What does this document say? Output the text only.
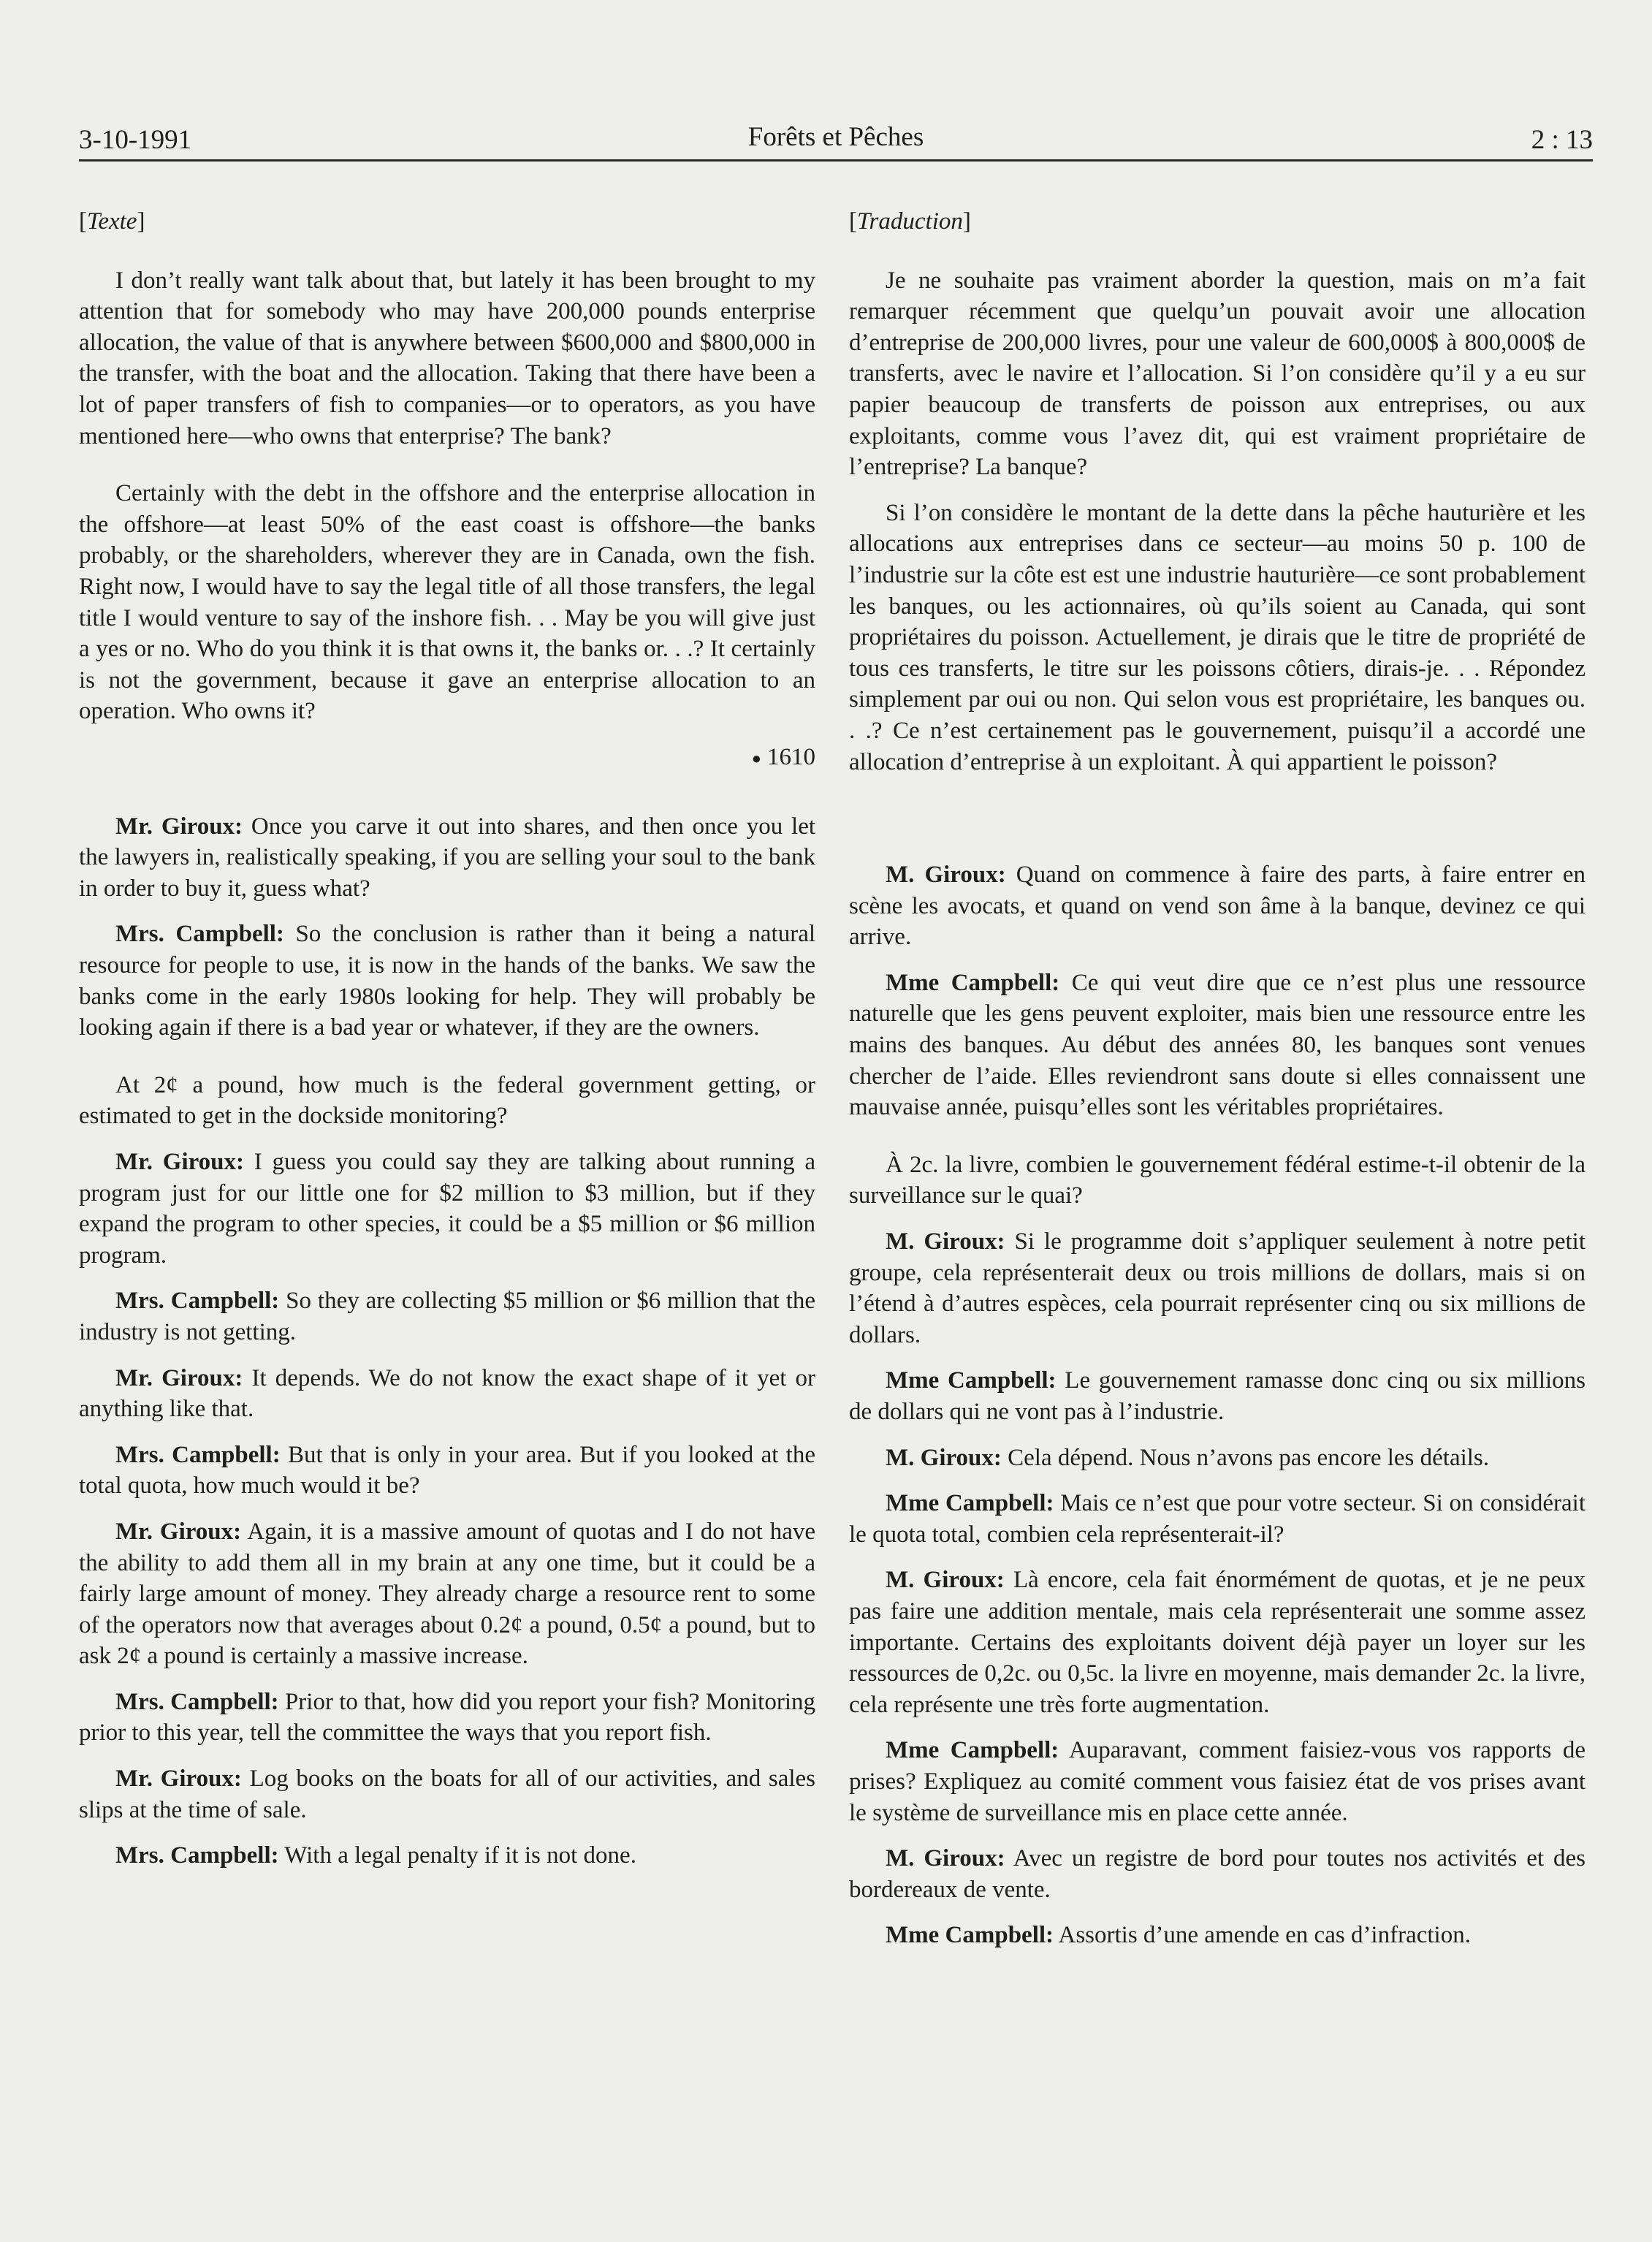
3-10-1991	Forêts et Pêches	2 : 13
[Texte]

I don’t really want talk about that, but lately it has been brought to my attention that for somebody who may have 200,000 pounds enterprise allocation, the value of that is anywhere between $600,000 and $800,000 in the transfer, with the boat and the allocation. Taking that there have been a lot of paper transfers of fish to companies—or to operators, as you have mentioned here—who owns that enterprise? The bank?

Certainly with the debt in the offshore and the enterprise allocation in the offshore—at least 50% of the east coast is offshore—the banks probably, or the shareholders, wherever they are in Canada, own the fish. Right now, I would have to say the legal title of all those transfers, the legal title I would venture to say of the inshore fish. . . May be you will give just a yes or no. Who do you think it is that owns it, the banks or. . .? It certainly is not the government, because it gave an enterprise allocation to an operation. Who owns it?

● 1610

Mr. Giroux: Once you carve it out into shares, and then once you let the lawyers in, realistically speaking, if you are selling your soul to the bank in order to buy it, guess what?

Mrs. Campbell: So the conclusion is rather than it being a natural resource for people to use, it is now in the hands of the banks. We saw the banks come in the early 1980s looking for help. They will probably be looking again if there is a bad year or whatever, if they are the owners.

At 2¢ a pound, how much is the federal government getting, or estimated to get in the dockside monitoring?

Mr. Giroux: I guess you could say they are talking about running a program just for our little one for $2 million to $3 million, but if they expand the program to other species, it could be a $5 million or $6 million program.

Mrs. Campbell: So they are collecting $5 million or $6 million that the industry is not getting.

Mr. Giroux: It depends. We do not know the exact shape of it yet or anything like that.

Mrs. Campbell: But that is only in your area. But if you looked at the total quota, how much would it be?

Mr. Giroux: Again, it is a massive amount of quotas and I do not have the ability to add them all in my brain at any one time, but it could be a fairly large amount of money. They already charge a resource rent to some of the operators now that averages about 0.2¢ a pound, 0.5¢ a pound, but to ask 2¢ a pound is certainly a massive increase.

Mrs. Campbell: Prior to that, how did you report your fish? Monitoring prior to this year, tell the committee the ways that you report fish.

Mr. Giroux: Log books on the boats for all of our activities, and sales slips at the time of sale.

Mrs. Campbell: With a legal penalty if it is not done.

[Traduction]

Je ne souhaite pas vraiment aborder la question, mais on m’a fait remarquer récemment que quelqu’un pouvait avoir une allocation d’entreprise de 200,000 livres, pour une valeur de 600,000$ à 800,000$ de transferts, avec le navire et l’allocation. Si l’on considère qu’il y a eu sur papier beaucoup de transferts de poisson aux entreprises, ou aux exploitants, comme vous l’avez dit, qui est vraiment propriétaire de l’entreprise? La banque?

Si l’on considère le montant de la dette dans la pêche hauturière et les allocations aux entreprises dans ce secteur—au moins 50 p. 100 de l’industrie sur la côte est est une industrie hauturière—ce sont probablement les banques, ou les actionnaires, où qu’ils soient au Canada, qui sont propriétaires du poisson. Actuellement, je dirais que le titre de propriété de tous ces transferts, le titre sur les poissons côtiers, dirais-je. . . Répondez simplement par oui ou non. Qui selon vous est propriétaire, les banques ou. . .? Ce n’est certainement pas le gouvernement, puisqu’il a accordé une allocation d’entreprise à un exploitant. À qui appartient le poisson?

M. Giroux: Quand on commence à faire des parts, à faire entrer en scène les avocats, et quand on vend son âme à la banque, devinez ce qui arrive.

Mme Campbell: Ce qui veut dire que ce n’est plus une ressource naturelle que les gens peuvent exploiter, mais bien une ressource entre les mains des banques. Au début des années 80, les banques sont venues chercher de l’aide. Elles reviendront sans doute si elles connaissent une mauvaise année, puisqu’elles sont les véritables propriétaires.

À 2c. la livre, combien le gouvernement fédéral estime-t-il obtenir de la surveillance sur le quai?

M. Giroux: Si le programme doit s’appliquer seulement à notre petit groupe, cela représenterait deux ou trois millions de dollars, mais si on l’étend à d’autres espèces, cela pourrait représenter cinq ou six millions de dollars.

Mme Campbell: Le gouvernement ramasse donc cinq ou six millions de dollars qui ne vont pas à l’industrie.

M. Giroux: Cela dépend. Nous n’avons pas encore les détails.

Mme Campbell: Mais ce n’est que pour votre secteur. Si on considérait le quota total, combien cela représenterait-il?

M. Giroux: Là encore, cela fait énormément de quotas, et je ne peux pas faire une addition mentale, mais cela représenterait une somme assez importante. Certains des exploitants doivent déjà payer un loyer sur les ressources de 0,2c. ou 0,5c. la livre en moyenne, mais demander 2c. la livre, cela représente une très forte augmentation.

Mme Campbell: Auparavant, comment faisiez-vous vos rapports de prises? Expliquez au comité comment vous faisiez état de vos prises avant le système de surveillance mis en place cette année.

M. Giroux: Avec un registre de bord pour toutes nos activités et des bordereaux de vente.

Mme Campbell: Assortis d’une amende en cas d’infraction.
